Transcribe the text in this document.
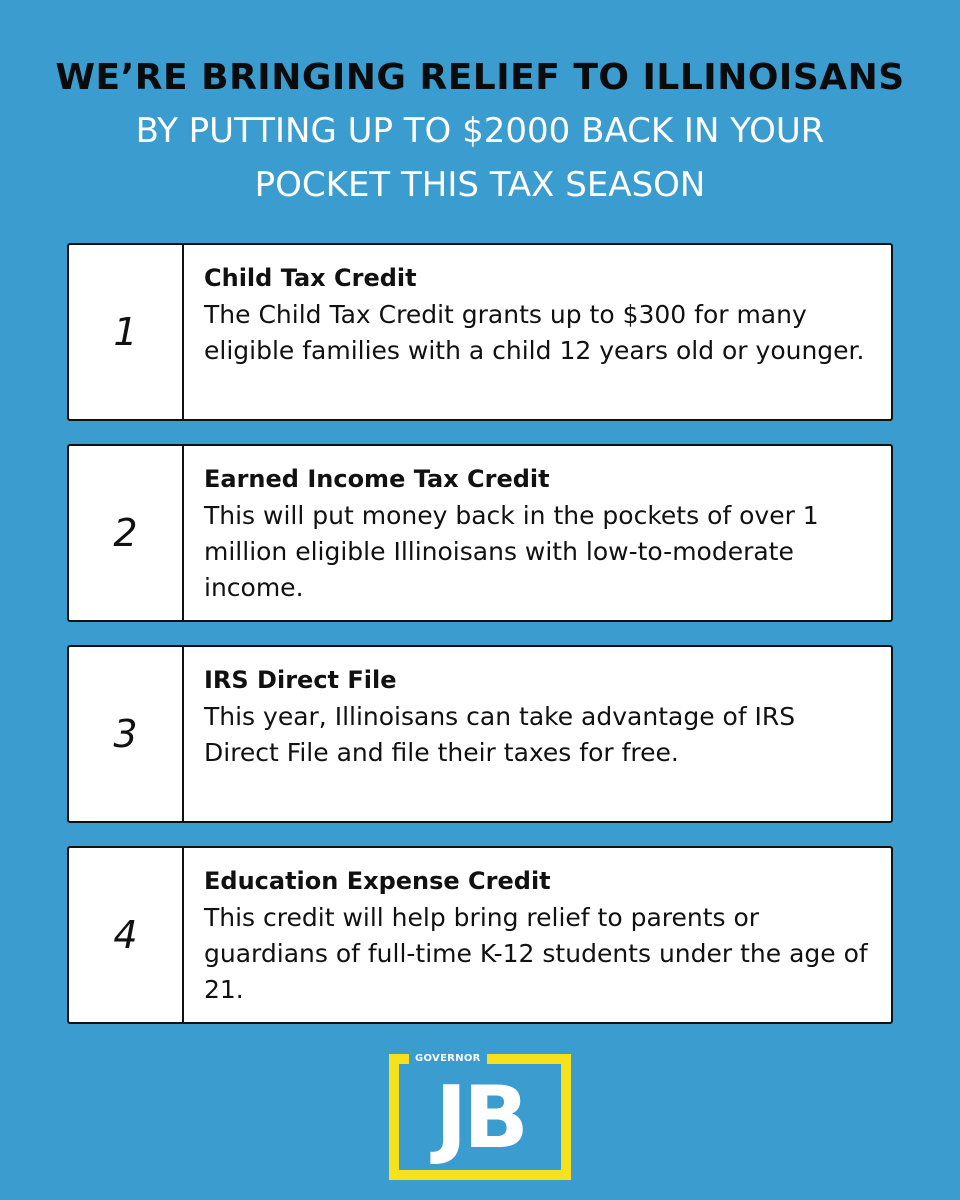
WE’RE BRINGING RELIEF TO ILLINOISANS
BY PUTTING UP TO $2000 BACK IN YOUR
POCKET THIS TAX SEASON
1
Child Tax Credit
The Child Tax Credit grants up to $300 for many eligible families with a child 12 years old or younger.
2
Earned Income Tax Credit
This will put money back in the pockets of over 1 million eligible Illinoisans with low-to-moderate income.
3
IRS Direct File
This year, Illinoisans can take advantage of IRS Direct File and file their taxes for free.
4
Education Expense Credit
This credit will help bring relief to parents or guardians of full-time K-12 students under the age of 21.
GOVERNOR
JB
